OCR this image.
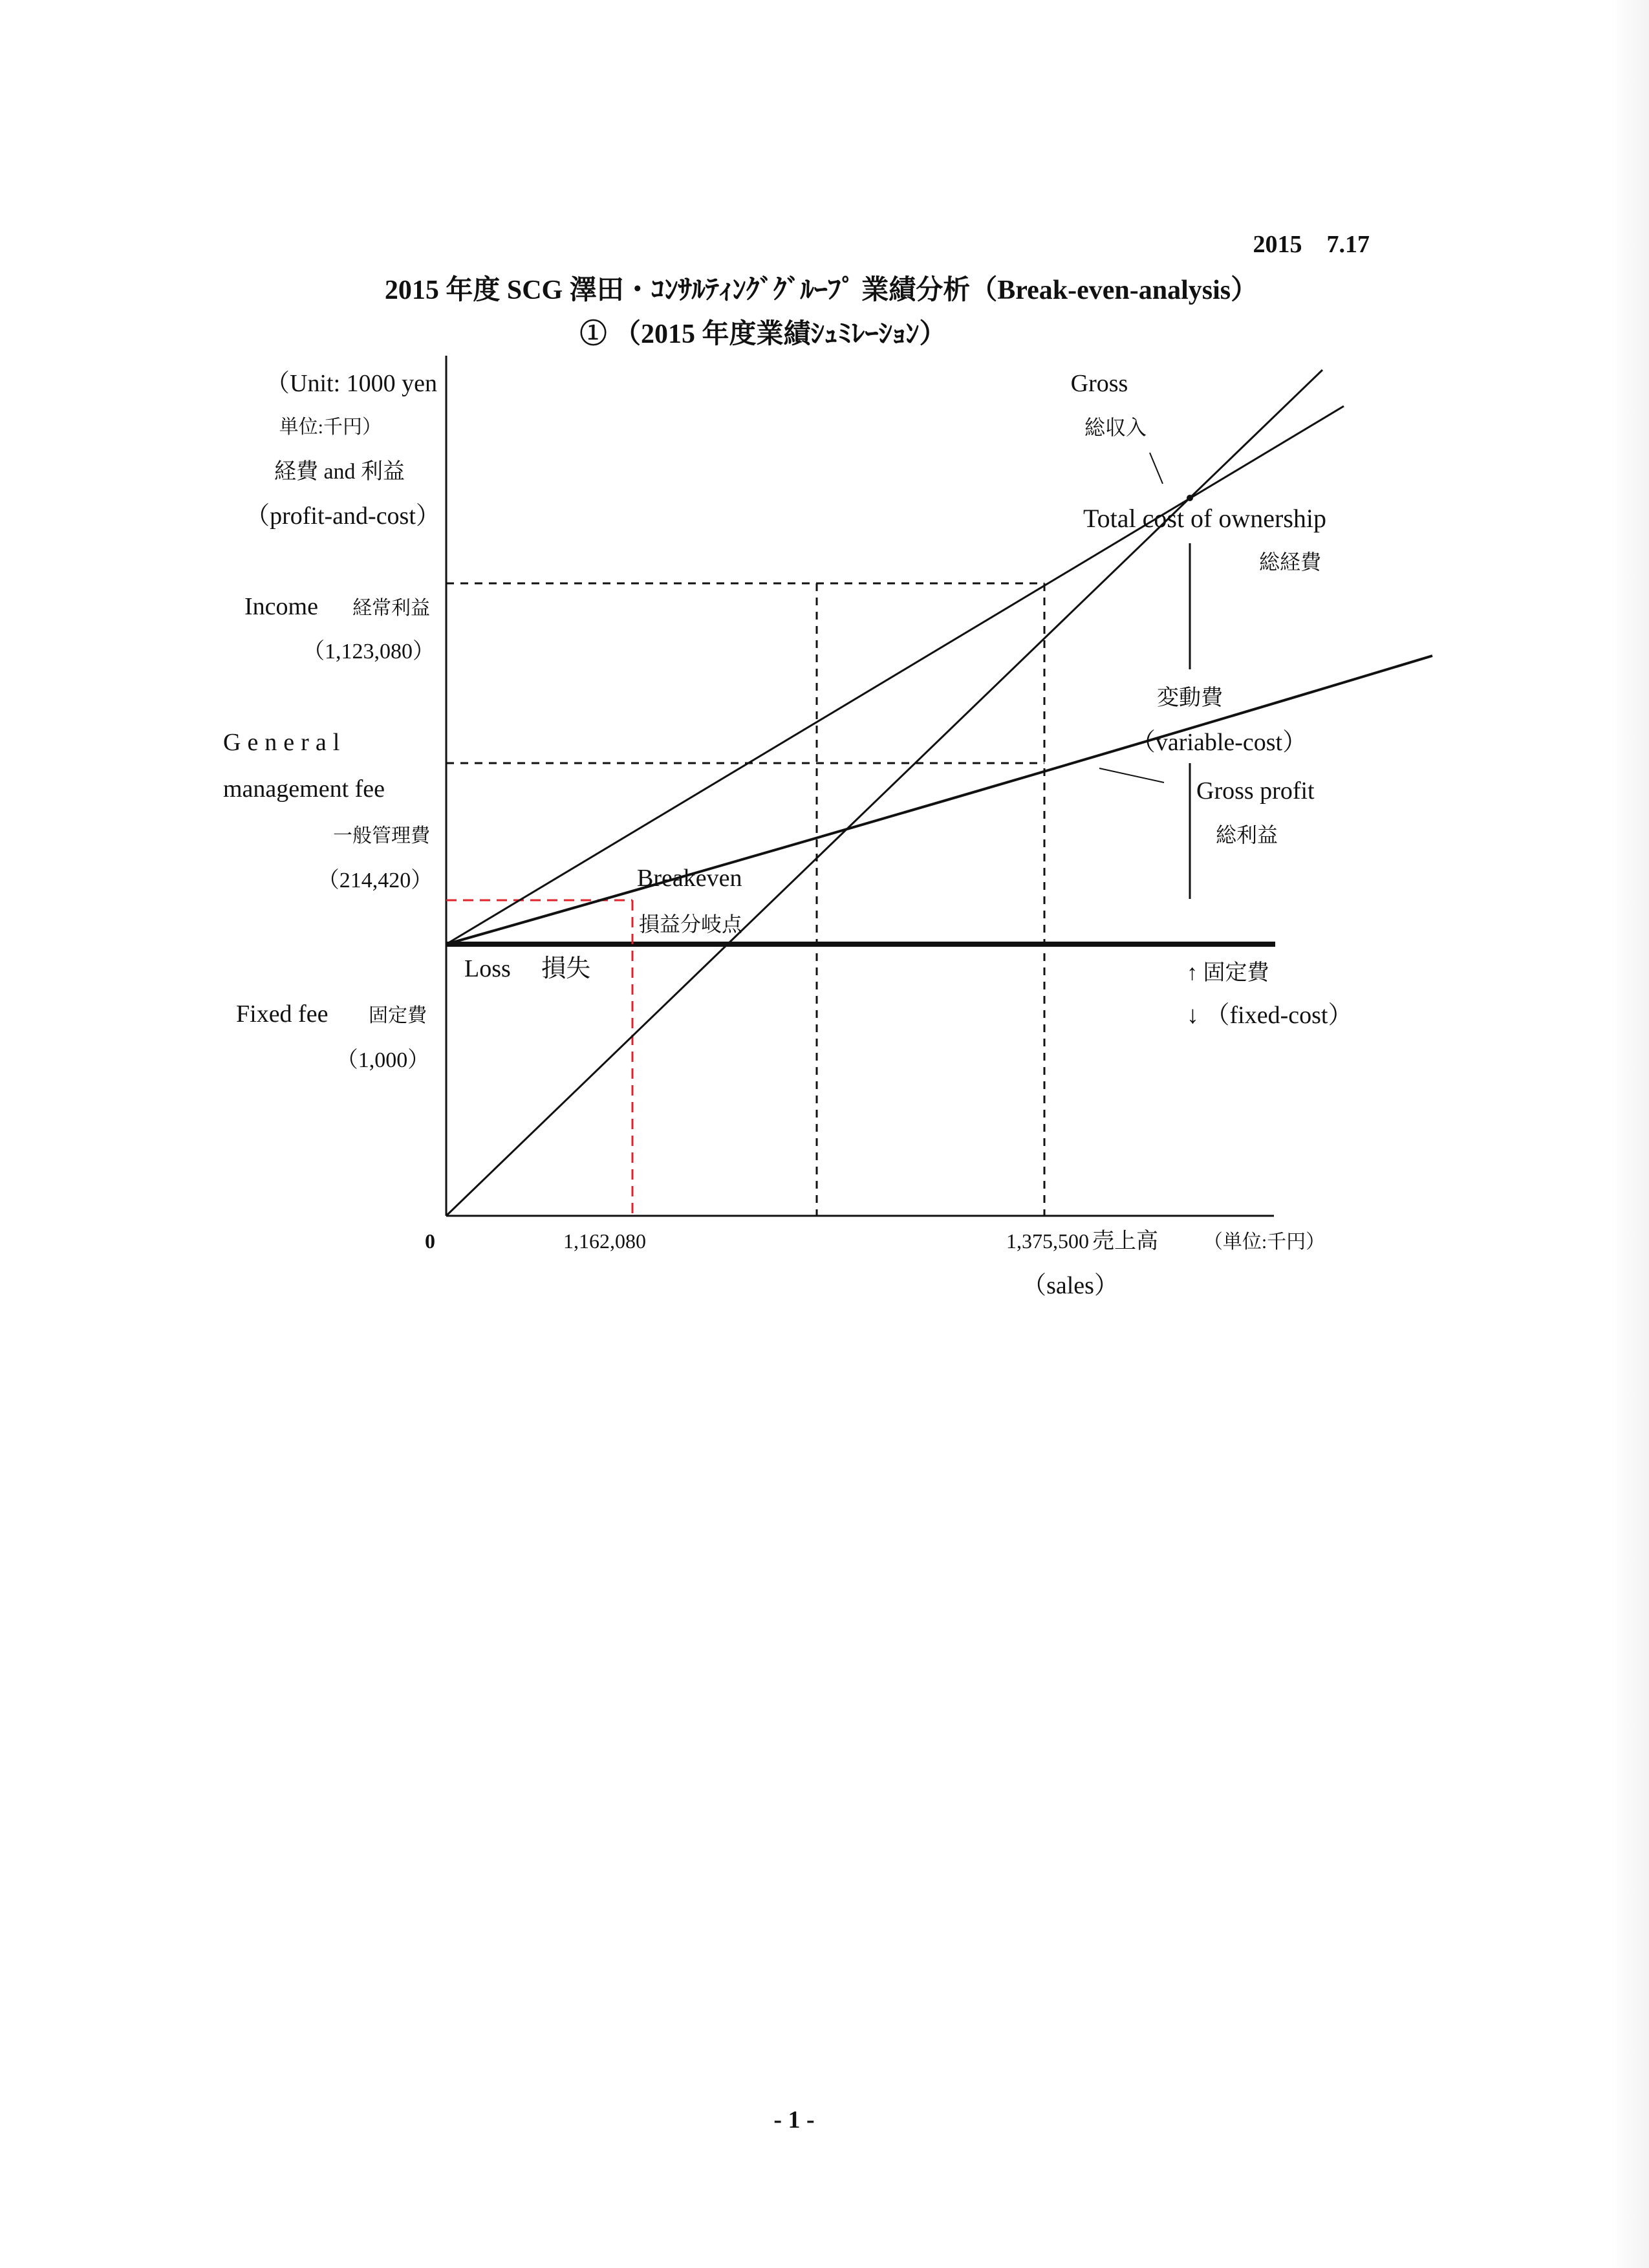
2015　7.17
2015 年度 SCG 澤田・ｺﾝｻﾙﾃｨﾝｸﾞｸﾞﾙｰﾌﾟ 業績分析（Break-even-analysis）
① （2015 年度業績ｼｭﾐﾚｰｼｮﾝ）
（Unit: 1000 yen
単位:千円）
経費 and 利益
（profit-and-cost）
Income 経常利益
（1,123,080）
General
management fee
一般管理費
（214,420）
Fixed fee 固定費
（1,000）
0	1,162,080	1,375,500 売上高 （単位:千円）
（sales）
Gross
総収入
Total cost of ownership
総経費
変動費
（variable-cost）
Gross profit
総利益
Breakeven
損益分岐点
Loss　 損失	↑ 固定費
↓ （fixed-cost）
- 1 -
